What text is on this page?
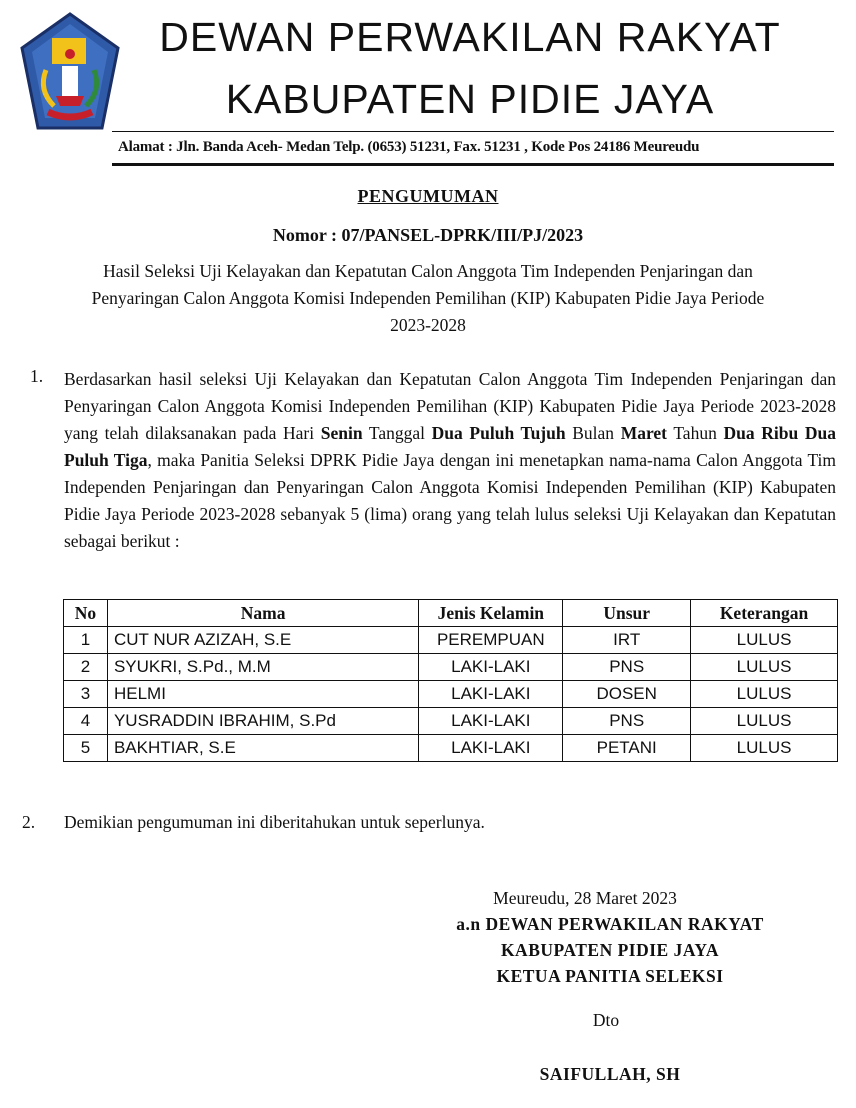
DEWAN PERWAKILAN RAKYAT
KABUPATEN PIDIE JAYA
Alamat : Jln. Banda Aceh- Medan Telp. (0653) 51231, Fax. 51231 , Kode Pos 24186 Meureudu
PENGUMUMAN
Nomor : 07/PANSEL-DPRK/III/PJ/2023
Hasil Seleksi Uji Kelayakan dan Kepatutan Calon Anggota Tim Independen Penjaringan dan
Penyaringan Calon Anggota Komisi Independen Pemilihan (KIP) Kabupaten Pidie Jaya Periode
2023-2028
1. Berdasarkan hasil seleksi Uji Kelayakan dan Kepatutan Calon Anggota Tim Independen Penjaringan dan Penyaringan Calon Anggota Komisi Independen Pemilihan (KIP) Kabupaten Pidie Jaya Periode 2023-2028 yang telah dilaksanakan pada Hari Senin Tanggal Dua Puluh Tujuh Bulan Maret Tahun Dua Ribu Dua Puluh Tiga, maka Panitia Seleksi DPRK Pidie Jaya dengan ini menetapkan nama-nama Calon Anggota Tim Independen Penjaringan dan Penyaringan Calon Anggota Komisi Independen Pemilihan (KIP) Kabupaten Pidie Jaya Periode 2023-2028 sebanyak 5 (lima) orang yang telah lulus seleksi Uji Kelayakan dan Kepatutan sebagai berikut :
No	Nama	Jenis Kelamin	Unsur	Keterangan
1	CUT NUR AZIZAH, S.E	PEREMPUAN	IRT	LULUS
2	SYUKRI, S.Pd., M.M	LAKI-LAKI	PNS	LULUS
3	HELMI	LAKI-LAKI	DOSEN	LULUS
4	YUSRADDIN IBRAHIM, S.Pd	LAKI-LAKI	PNS	LULUS
5	BAKHTIAR, S.E	LAKI-LAKI	PETANI	LULUS
2. Demikian pengumuman ini diberitahukan untuk seperlunya.
Meureudu, 28 Maret 2023
a.n DEWAN PERWAKILAN RAKYAT
KABUPATEN PIDIE JAYA
KETUA PANITIA SELEKSI
Dto
SAIFULLAH, SH
